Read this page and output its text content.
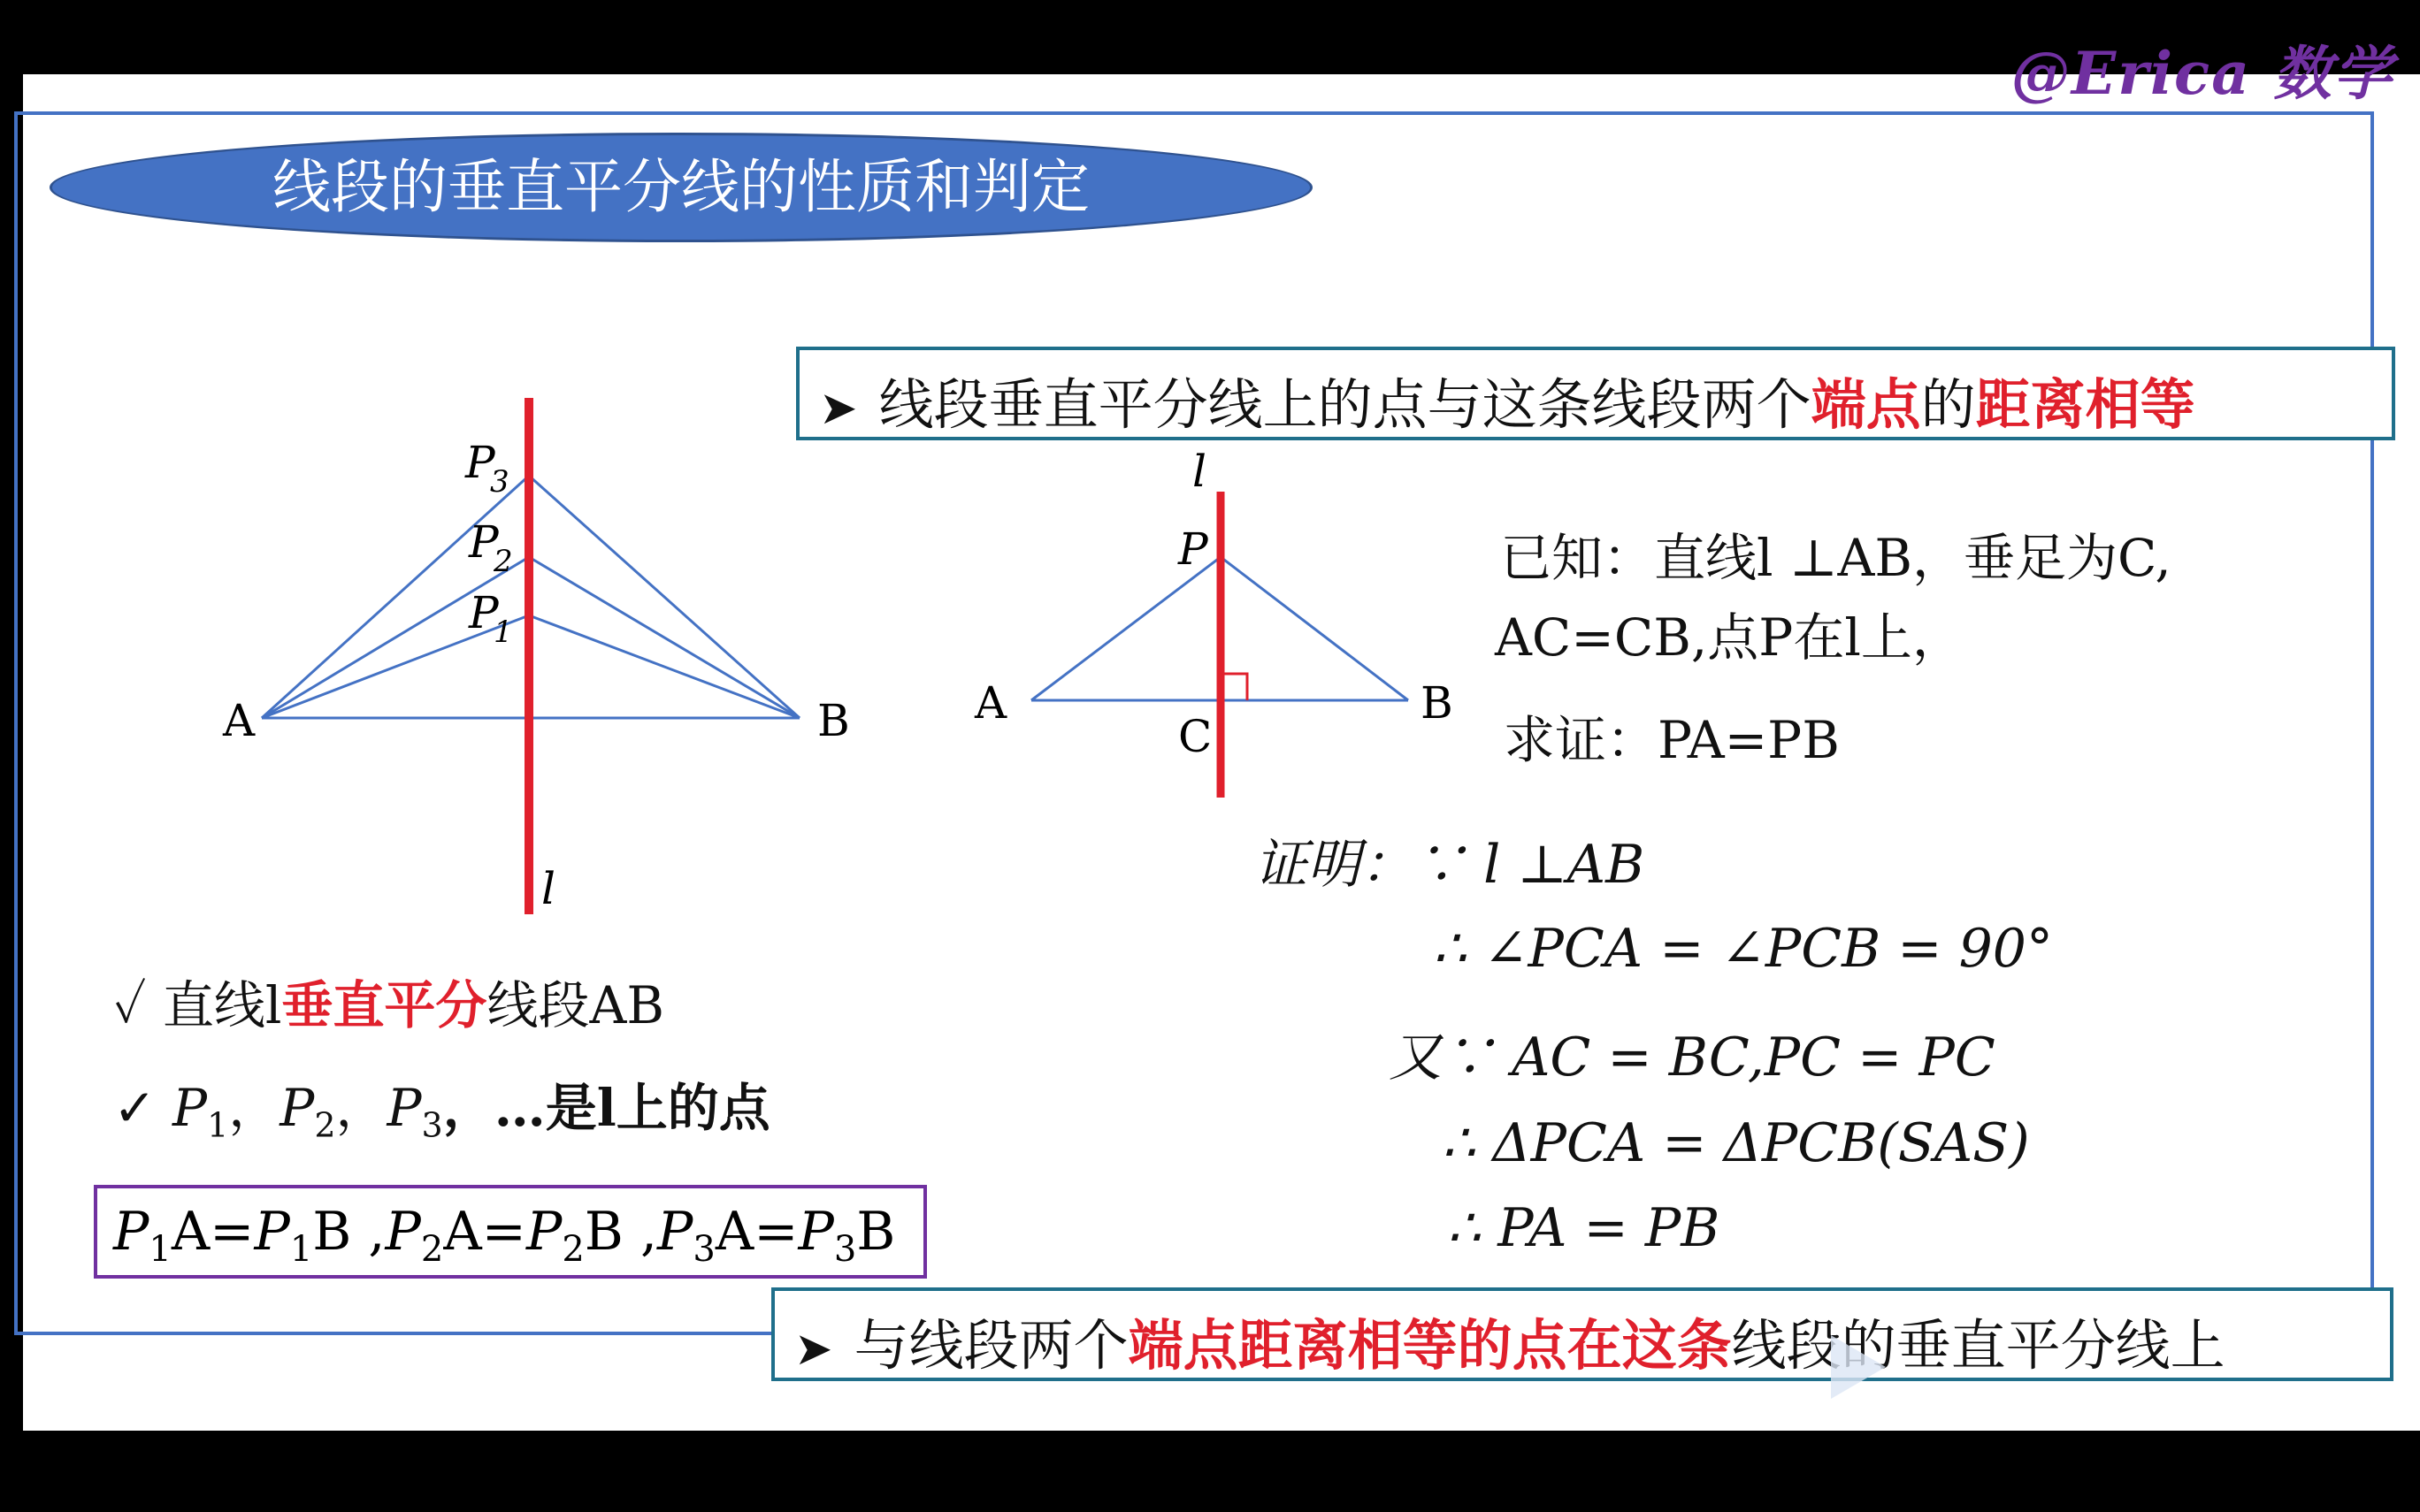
@Erica 数学
线段的垂直平分线的性质和判定
➤ 线段垂直平分线上的点与这条线段两个端点的距离相等
A	B
P
3
P
2
P
1
l
A	B
C
P
l
已知：直线l ⊥AB，垂足为C,
AC=CB,点P在l上，
求证：PA=PB
证明：∵ l ⊥AB
∴ ∠PCA = ∠PCB = 90°
又∵ AC = BC,PC = PC
∴ ΔPCA = ΔPCB(SAS)
∴ PA = PB
✓ 直线l垂直平分线段AB
✓ $P_1$，$P_2$，$P_3$，…是l上的点
$P_1A=P_1B$ $,P_2A=P_2B$ $,P_3A=P_3B$
➤ 与线段两个端点距离相等的点在这条线段的垂直平分线上
